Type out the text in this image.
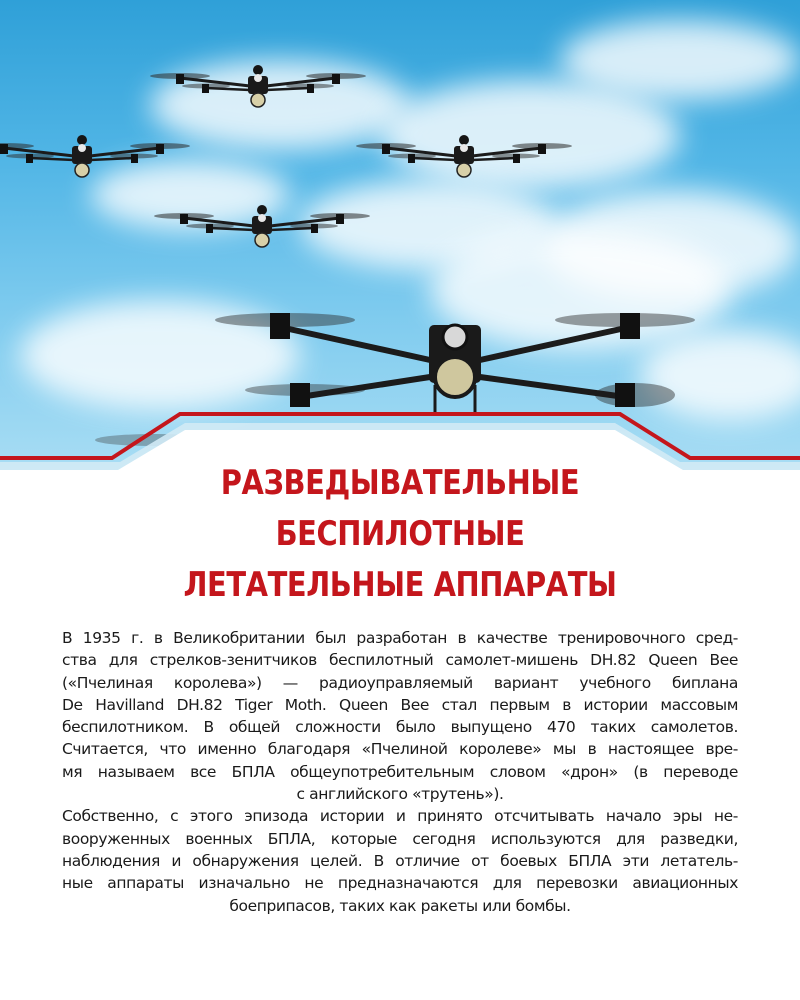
РАЗВЕДЫВАТЕЛЬНЫЕ
БЕСПИЛОТНЫЕ
ЛЕТАТЕЛЬНЫЕ АППАРАТЫ

В 1935 г. в Великобритании был разработан в качестве тренировочного сред-
ства для стрелков-зенитчиков беспилотный самолет-мишень DH.82 Queen Bee
(«Пчелиная королева») — радиоуправляемый вариант учебного биплана
De Havilland DH.82 Tiger Moth. Queen Bee стал первым в истории массовым
беспилотником. В общей сложности было выпущено 470 таких самолетов.
Считается, что именно благодаря «Пчелиной королеве» мы в настоящее вре-
мя называем все БПЛА общеупотребительным словом «дрон» (в переводе
с английского «трутень»).

Собственно, с этого эпизода истории и принято отсчитывать начало эры не-
вооруженных военных БПЛА, которые сегодня используются для разведки,
наблюдения и обнаружения целей. В отличие от боевых БПЛА эти летатель-
ные аппараты изначально не предназначаются для перевозки авиационных
боеприпасов, таких как ракеты или бомбы.
